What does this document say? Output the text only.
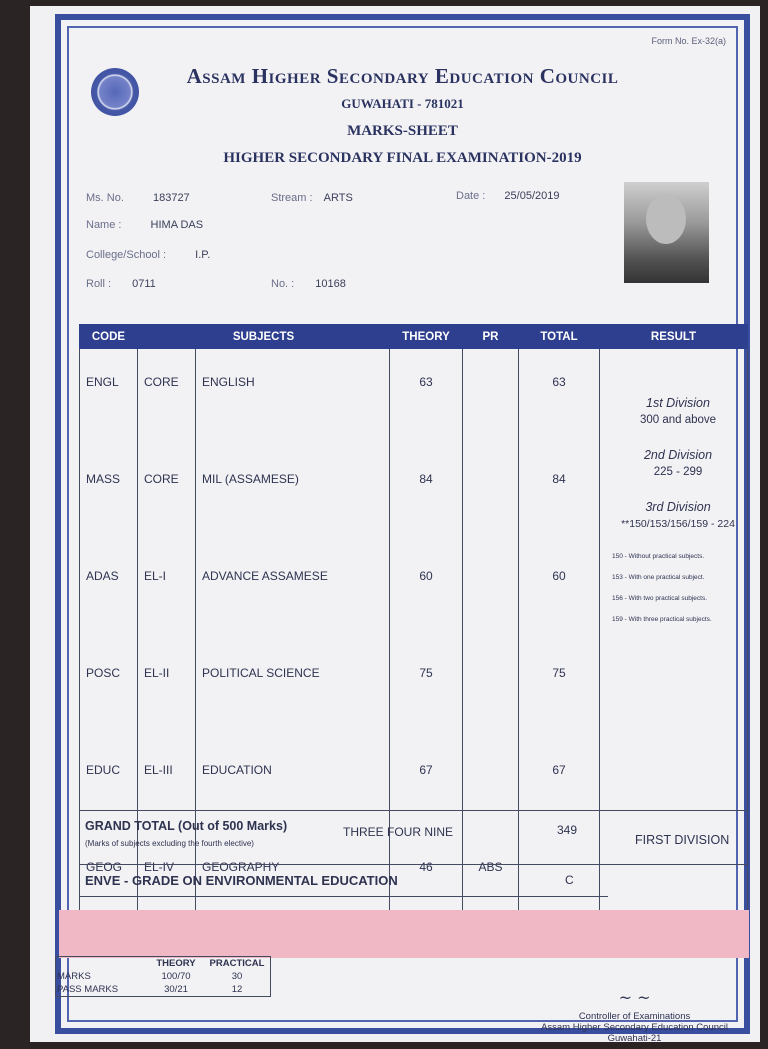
Form No. Ex-32(a)
Assam Higher Secondary Education Council
GUWAHATI - 781021
MARKS-SHEET
HIGHER SECONDARY FINAL EXAMINATION-2019
Ms. No.	183727	Stream : ARTS	Date : 25/05/2019
Name :	HIMA DAS
College/School :	I.P.
Roll : 0711	No. : 10168
CODE	SUBJECTS		THEORY	PR	TOTAL	RESULT
ENGL	CORE	ENGLISH	63		63	
MASS	CORE	MIL (ASSAMESE)	84		84	
ADAS	EL-I	ADVANCE ASSAMESE	60		60	
POSC	EL-II	POLITICAL SCIENCE	75		75	
EDUC	EL-III	EDUCATION	67		67	
GEOG	EL-IV	GEOGRAPHY	46	ABS		
1st Division
300 and above
2nd Division
225 - 299
3rd Division
**150/153/156/159 - 224
150 - Without practical subjects.
153 - With one practical subject.
156 - With two practical subjects.
159 - With three practical subjects.
GRAND TOTAL (Out of 500 Marks)
(Marks of subjects excluding the fourth elective)
THREE FOUR NINE	349
FIRST DIVISION
ENVE - GRADE ON ENVIRONMENTAL EDUCATION	C
	THEORY	PRACTICAL
MARKS	100/70	30
PASS MARKS	30/21	12	~ ~
Controller of Examinations
Assam Higher Secondary Education Council
Guwahati-21
